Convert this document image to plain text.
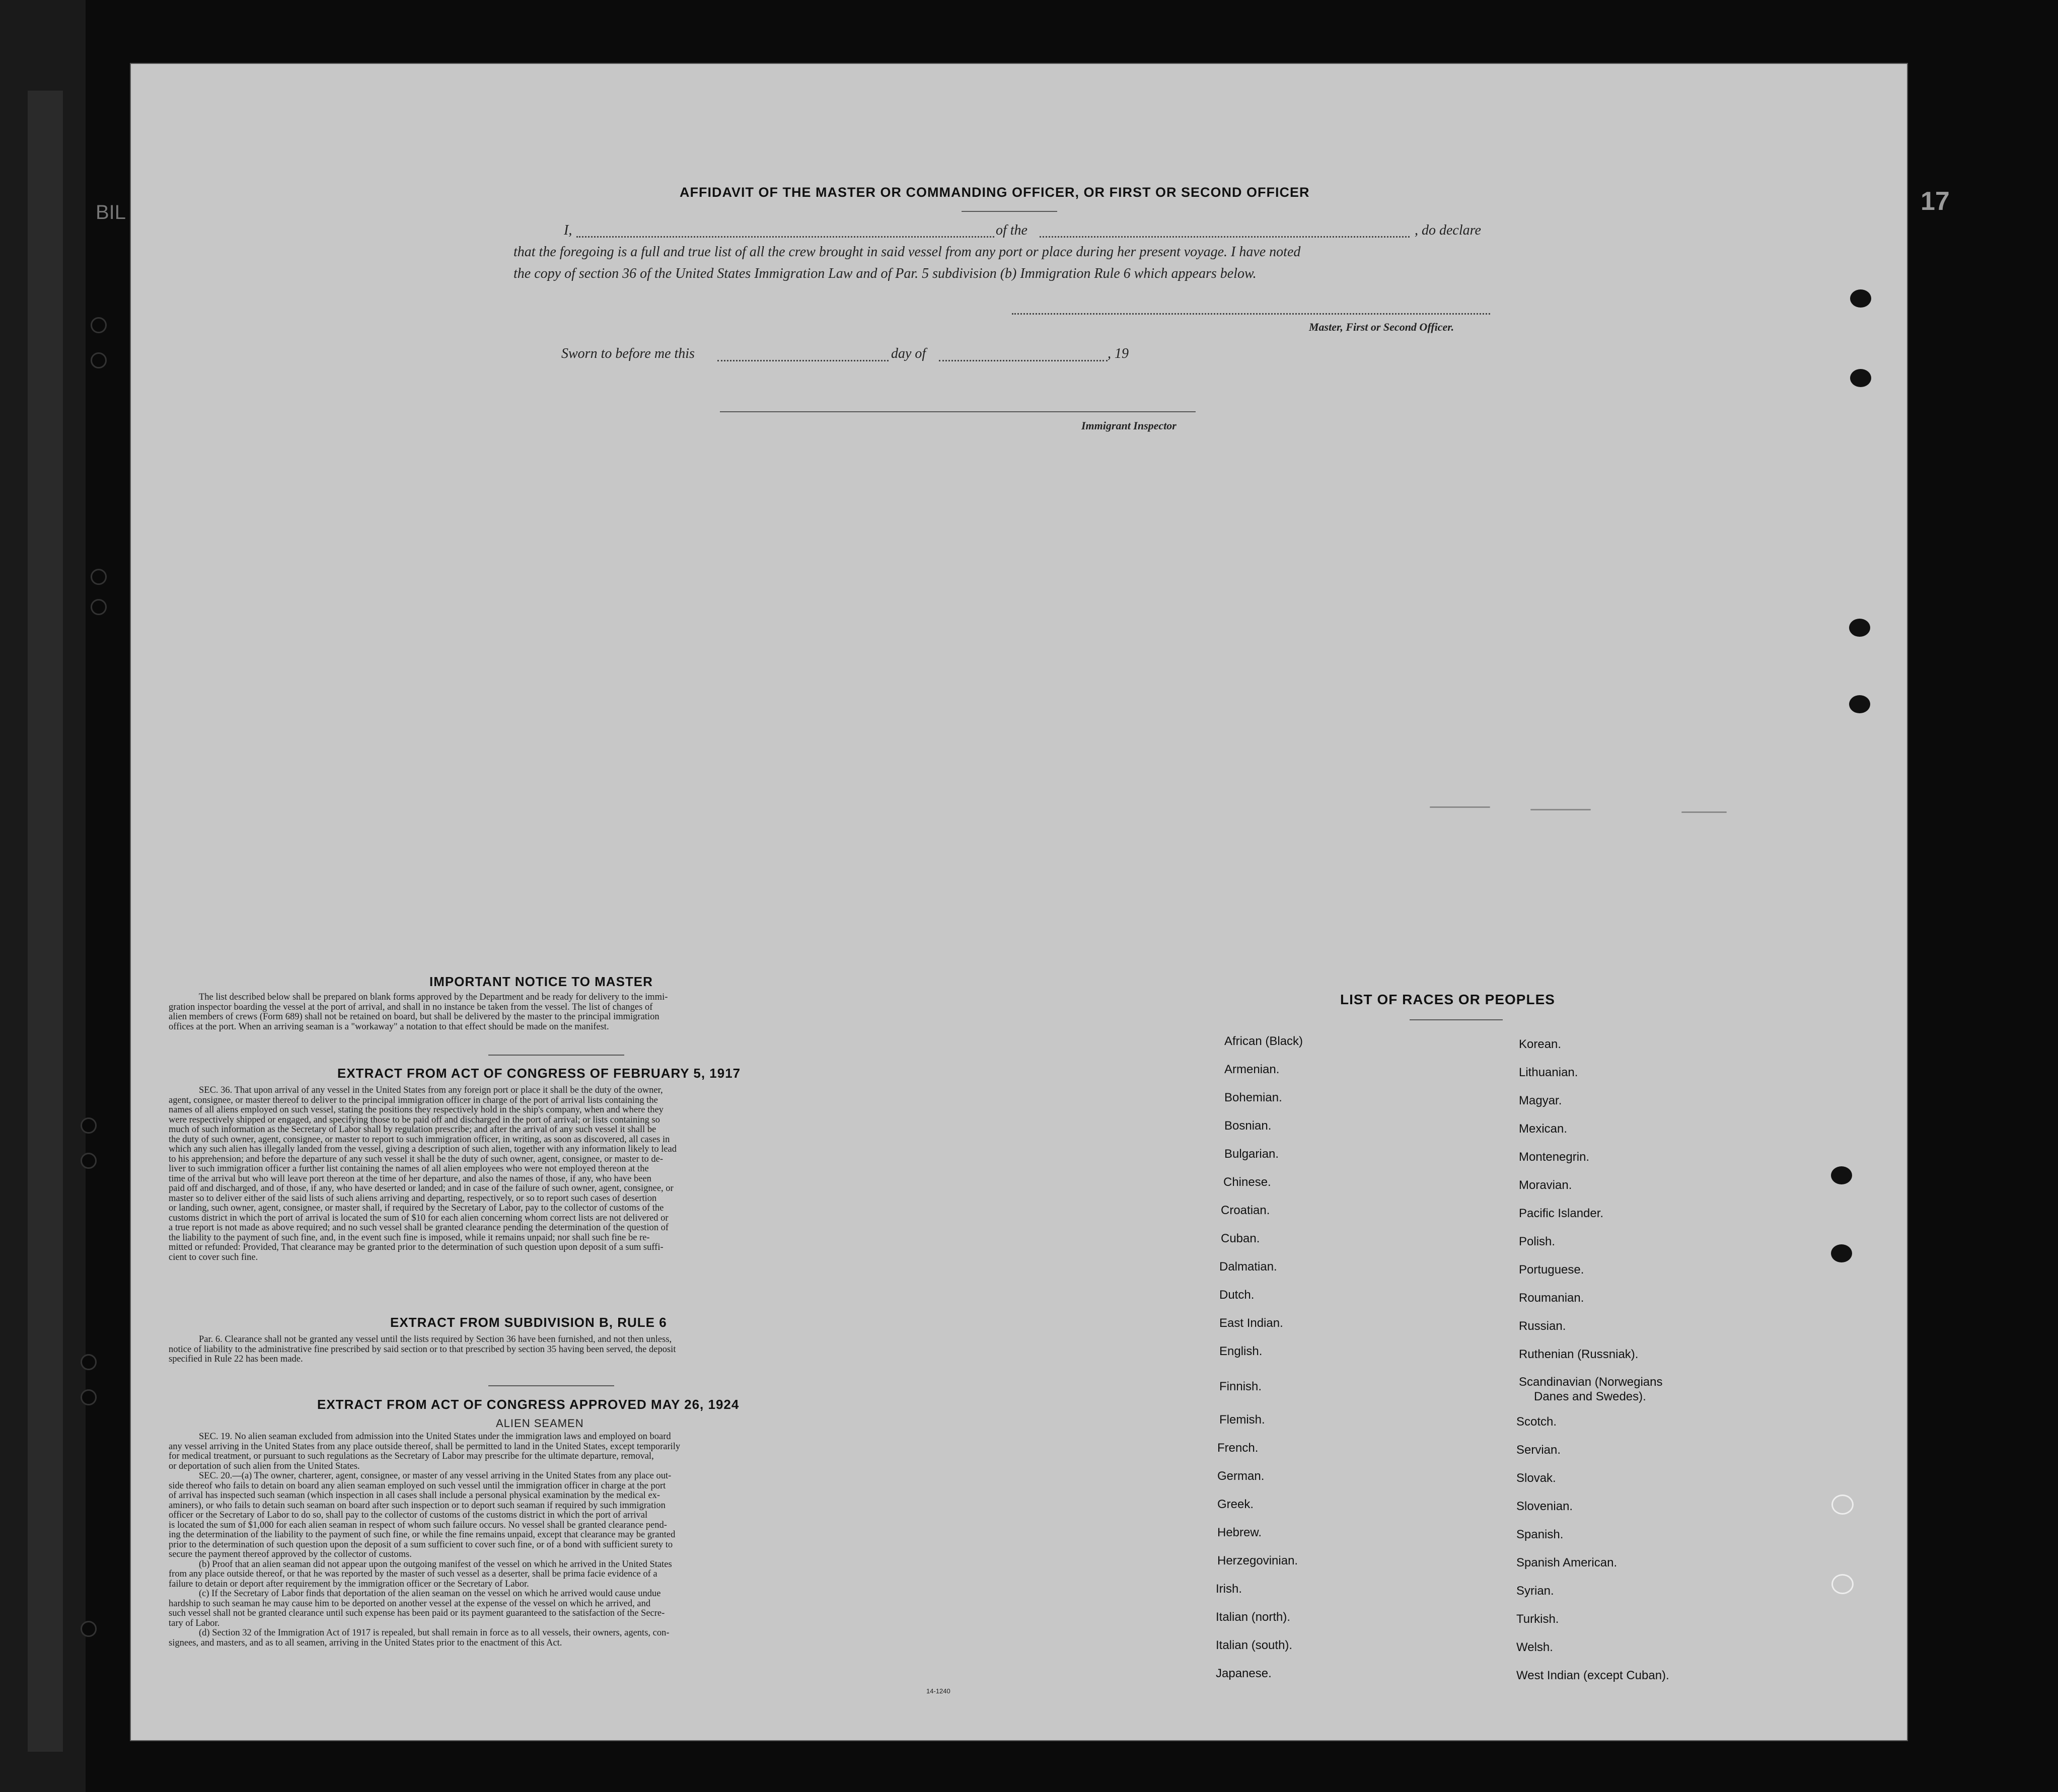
BIL	17
AFFIDAVIT OF THE MASTER OR COMMANDING OFFICER, OR FIRST OR SECOND OFFICER
I,	of the	, do declare
that the foregoing is a full and true list of all the crew brought in said vessel from any port or place during her present voyage. I have noted
the copy of section 36 of the United States Immigration Law and of Par. 5 subdivision (b) Immigration Rule 6 which appears below.
Master, First or Second Officer.
Sworn to before me this	day of	, 19
Immigrant Inspector
IMPORTANT NOTICE TO MASTER
The list described below shall be prepared on blank forms approved by the Department and be ready for delivery to the immi-
gration inspector boarding the vessel at the port of arrival, and shall in no instance be taken from the vessel. The list of changes of
alien members of crews (Form 689) shall not be retained on board, but shall be delivered by the master to the principal immigration
offices at the port. When an arriving seaman is a "workaway" a notation to that effect should be made on the manifest.
EXTRACT FROM ACT OF CONGRESS OF FEBRUARY 5, 1917
SEC. 36. That upon arrival of any vessel in the United States from any foreign port or place it shall be the duty of the owner,
agent, consignee, or master thereof to deliver to the principal immigration officer in charge of the port of arrival lists containing the
names of all aliens employed on such vessel, stating the positions they respectively hold in the ship's company, when and where they
were respectively shipped or engaged, and specifying those to be paid off and discharged in the port of arrival; or lists containing so
much of such information as the Secretary of Labor shall by regulation prescribe; and after the arrival of any such vessel it shall be
the duty of such owner, agent, consignee, or master to report to such immigration officer, in writing, as soon as discovered, all cases in
which any such alien has illegally landed from the vessel, giving a description of such alien, together with any information likely to lead
to his apprehension; and before the departure of any such vessel it shall be the duty of such owner, agent, consignee, or master to de-
liver to such immigration officer a further list containing the names of all alien employees who were not employed thereon at the
time of the arrival but who will leave port thereon at the time of her departure, and also the names of those, if any, who have been
paid off and discharged, and of those, if any, who have deserted or landed; and in case of the failure of such owner, agent, consignee, or
master so to deliver either of the said lists of such aliens arriving and departing, respectively, or so to report such cases of desertion
or landing, such owner, agent, consignee, or master shall, if required by the Secretary of Labor, pay to the collector of customs of the
customs district in which the port of arrival is located the sum of $10 for each alien concerning whom correct lists are not delivered or
a true report is not made as above required; and no such vessel shall be granted clearance pending the determination of the question of
the liability to the payment of such fine, and, in the event such fine is imposed, while it remains unpaid; nor shall such fine be re-
mitted or refunded: Provided, That clearance may be granted prior to the determination of such question upon deposit of a sum suffi-
cient to cover such fine.
EXTRACT FROM SUBDIVISION B, RULE 6
Par. 6. Clearance shall not be granted any vessel until the lists required by Section 36 have been furnished, and not then unless,
notice of liability to the administrative fine prescribed by said section or to that prescribed by section 35 having been served, the deposit
specified in Rule 22 has been made.
EXTRACT FROM ACT OF CONGRESS APPROVED MAY 26, 1924
ALIEN SEAMEN
SEC. 19. No alien seaman excluded from admission into the United States under the immigration laws and employed on board
any vessel arriving in the United States from any place outside thereof, shall be permitted to land in the United States, except temporarily
for medical treatment, or pursuant to such regulations as the Secretary of Labor may prescribe for the ultimate departure, removal,
or deportation of such alien from the United States.
SEC. 20.—(a) The owner, charterer, agent, consignee, or master of any vessel arriving in the United States from any place out-
side thereof who fails to detain on board any alien seaman employed on such vessel until the immigration officer in charge at the port
of arrival has inspected such seaman (which inspection in all cases shall include a personal physical examination by the medical ex-
aminers), or who fails to detain such seaman on board after such inspection or to deport such seaman if required by such immigration
officer or the Secretary of Labor to do so, shall pay to the collector of customs of the customs district in which the port of arrival
is located the sum of $1,000 for each alien seaman in respect of whom such failure occurs. No vessel shall be granted clearance pend-
ing the determination of the liability to the payment of such fine, or while the fine remains unpaid, except that clearance may be granted
prior to the determination of such question upon the deposit of a sum sufficient to cover such fine, or of a bond with sufficient surety to
secure the payment thereof approved by the collector of customs.
(b) Proof that an alien seaman did not appear upon the outgoing manifest of the vessel on which he arrived in the United States
from any place outside thereof, or that he was reported by the master of such vessel as a deserter, shall be prima facie evidence of a
failure to detain or deport after requirement by the immigration officer or the Secretary of Labor.
(c) If the Secretary of Labor finds that deportation of the alien seaman on the vessel on which he arrived would cause undue
hardship to such seaman he may cause him to be deported on another vessel at the expense of the vessel on which he arrived, and
such vessel shall not be granted clearance until such expense has been paid or its payment guaranteed to the satisfaction of the Secre-
tary of Labor.
(d) Section 32 of the Immigration Act of 1917 is repealed, but shall remain in force as to all vessels, their owners, agents, con-
signees, and masters, and as to all seamen, arriving in the United States prior to the enactment of this Act.
14-1240
LIST OF RACES OR PEOPLES
African (Black)
Armenian.
Bohemian.
Bosnian.
Bulgarian.
Chinese.
Croatian.
Cuban.
Dalmatian.
Dutch.
East Indian.
English.
Finnish.
Flemish.
French.
German.
Greek.
Hebrew.
Herzegovinian.
Irish.
Italian (north).
Italian (south).
Japanese.
Korean.
Lithuanian.
Magyar.
Mexican.
Montenegrin.
Moravian.
Pacific Islander.
Polish.
Portuguese.
Roumanian.
Russian.
Ruthenian (Russniak).
Scandinavian (Norwegians
Danes and Swedes).
Scotch.
Servian.
Slovak.
Slovenian.
Spanish.
Spanish American.
Syrian.
Turkish.
Welsh.
West Indian (except Cuban).
